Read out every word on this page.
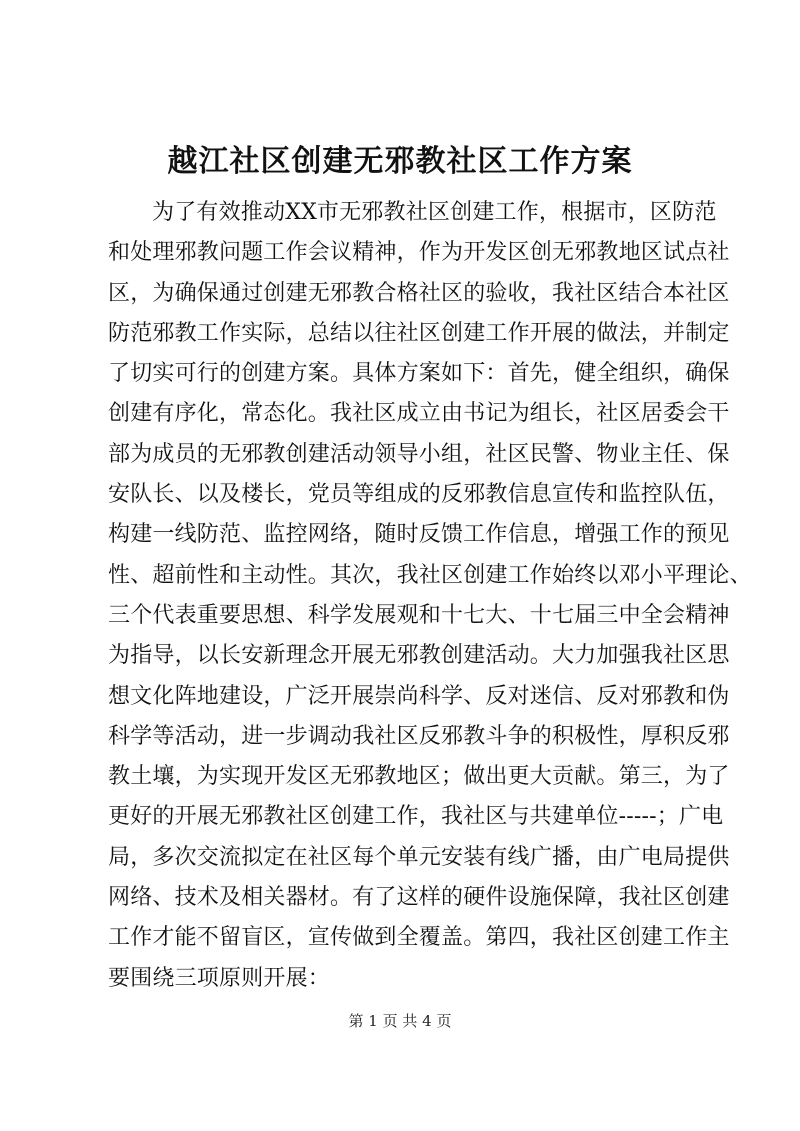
越江社区创建无邪教社区工作方案
为了有效推动XX市无邪教社区创建工作，根据市，区防范
和处理邪教问题工作会议精神，作为开发区创无邪教地区试点社
区，为确保通过创建无邪教合格社区的验收，我社区结合本社区
防范邪教工作实际，总结以往社区创建工作开展的做法，并制定
了切实可行的创建方案。具体方案如下：首先，健全组织，确保
创建有序化，常态化。我社区成立由书记为组长，社区居委会干
部为成员的无邪教创建活动领导小组，社区民警、物业主任、保
安队长、以及楼长，党员等组成的反邪教信息宣传和监控队伍，
构建一线防范、监控网络，随时反馈工作信息，增强工作的预见
性、超前性和主动性。其次，我社区创建工作始终以邓小平理论、
三个代表重要思想、科学发展观和十七大、十七届三中全会精神
为指导，以长安新理念开展无邪教创建活动。大力加强我社区思
想文化阵地建设，广泛开展崇尚科学、反对迷信、反对邪教和伪
科学等活动，进一步调动我社区反邪教斗争的积极性，厚积反邪
教土壤，为实现开发区无邪教地区；做出更大贡献。第三，为了
更好的开展无邪教社区创建工作，我社区与共建单位-----；广电
局，多次交流拟定在社区每个单元安装有线广播，由广电局提供
网络、技术及相关器材。有了这样的硬件设施保障，我社区创建
工作才能不留盲区，宣传做到全覆盖。第四，我社区创建工作主
要围绕三项原则开展：
第 1 页 共 4 页
